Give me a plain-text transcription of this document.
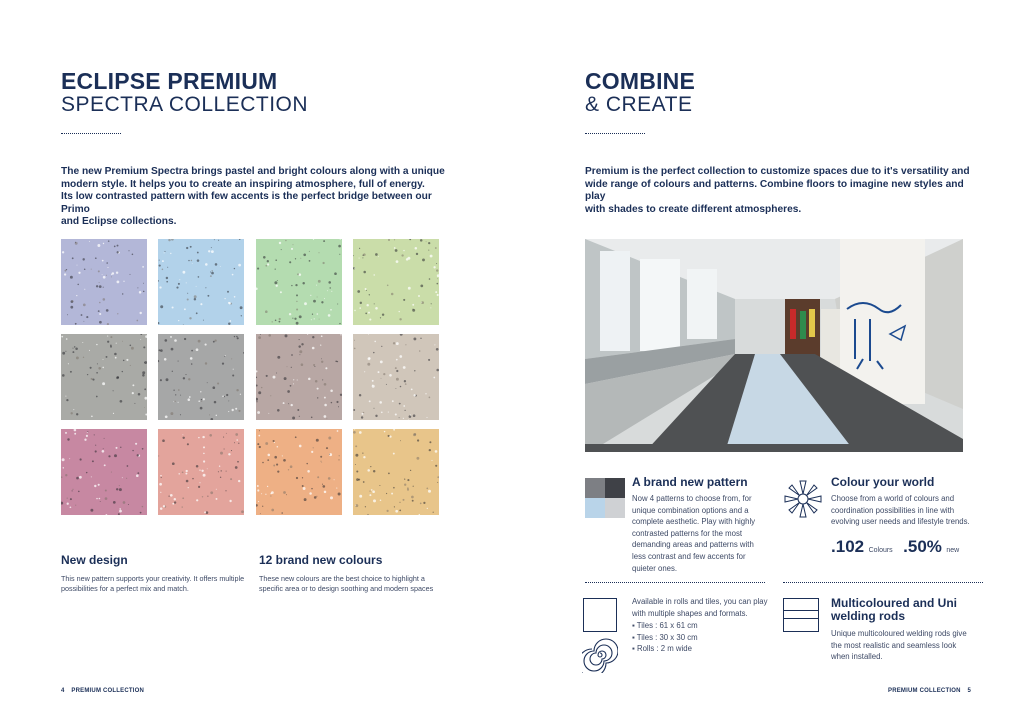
ECLIPSE PREMIUM
SPECTRA COLLECTION
The new Premium Spectra brings pastel and bright colours along with a unique
modern style. It helps you to create an inspiring atmosphere, full of energy.
Its low contrasted pattern with few accents is the perfect bridge between our Primo
and Eclipse collections.
New design
This new pattern supports your creativity. It offers multiple
possibilities for a perfect mix and match.
12 brand new colours
These new colours are the best choice to highlight a
specific area or to design soothing and modern spaces
4 PREMIUM COLLECTION
COMBINE
& CREATE
Premium is the perfect collection to customize spaces due to it's versatility and
wide range of colours and patterns. Combine floors to imagine new styles and play
with shades to create different atmospheres.
A brand new pattern
Now 4 patterns to choose from, for
unique combination options and a
complete aesthetic. Play with highly
contrasted patterns for the most
demanding areas and patterns with
less contrast and few accents for
quieter ones.
Colour your world
Choose from a world of colours and
coordination possibilities in line with
evolving user needs and lifestyle trends.
.102 Colours .50% new
Available in rolls and tiles, you can play
with multiple shapes and formats.
▪ Tiles : 61 x 61 cm
▪ Tiles : 30 x 30 cm
▪ Rolls : 2 m wide
Multicoloured and Uni
welding rods
Unique multicoloured welding rods give
the most realistic and seamless look
when installed.
PREMIUM COLLECTION 5
